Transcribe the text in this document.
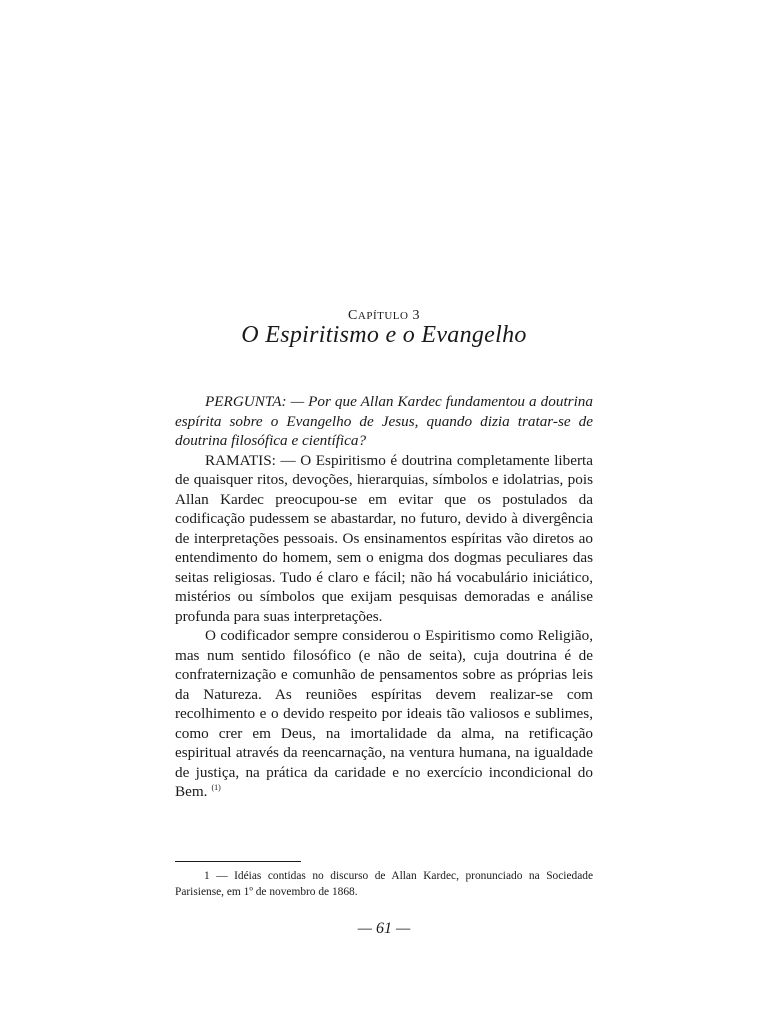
CAPÍTULO 3
O Espiritismo e o Evangelho

PERGUNTA: — Por que Allan Kardec fundamentou a doutrina espírita sobre o Evangelho de Jesus, quando dizia tratar-se de doutrina filosófica e científica?

RAMATIS: — O Espiritismo é doutrina completamente liberta de quaisquer ritos, devoções, hierarquias, símbolos e idolatrias, pois Allan Kardec preocupou-se em evitar que os postulados da codificação pudessem se abastardar, no futuro, devido à divergência de interpretações pessoais. Os ensinamentos espíritas vão diretos ao entendimento do homem, sem o enigma dos dogmas peculiares das seitas religiosas. Tudo é claro e fácil; não há vocabulário iniciático, mistérios ou símbolos que exijam pesquisas demoradas e análise profunda para suas interpretações.

O codificador sempre considerou o Espiritismo como Religião, mas num sentido filosófico (e não de seita), cuja doutrina é de confraternização e comunhão de pensamentos sobre as próprias leis da Natureza. As reuniões espíritas devem realizar-se com recolhimento e o devido respeito por ideais tão valiosos e sublimes, como crer em Deus, na imortalidade da alma, na retificação espiritual através da reencarnação, na ventura humana, na igualdade de justiça, na prática da caridade e no exercício incondicional do Bem. $^{(1)}$

1 — Idéias contidas no discurso de Allan Kardec, pronunciado na Sociedade Parisiense, em 1º de novembro de 1868.
— 61 —
